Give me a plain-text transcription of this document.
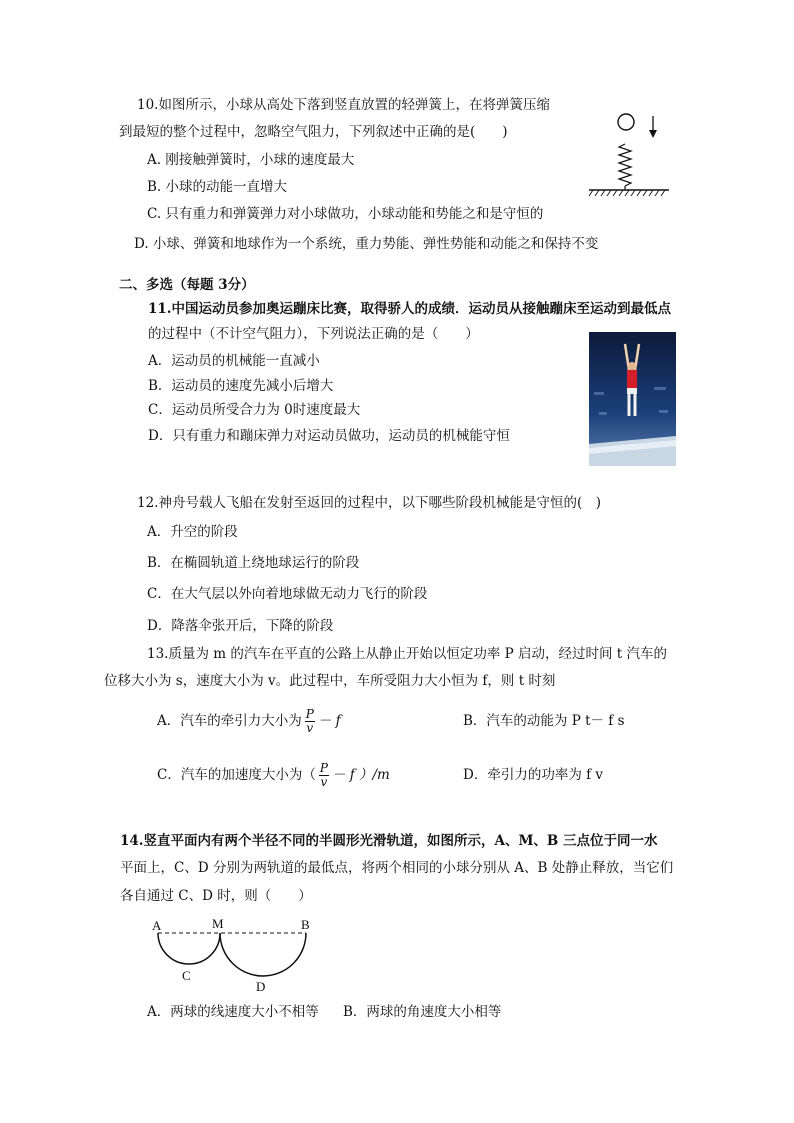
10.如图所示，小球从高处下落到竖直放置的轻弹簧上，在将弹簧压缩
到最短的整个过程中，忽略空气阻力，下列叙述中正确的是(　　)
A. 刚接触弹簧时，小球的速度最大
B. 小球的动能一直增大
C. 只有重力和弹簧弹力对小球做功，小球动能和势能之和是守恒的
D. 小球、弹簧和地球作为一个系统，重力势能、弹性势能和动能之和保持不变
二、多选（每题 3分）
11.中国运动员参加奥运蹦床比赛，取得骄人的成绩．运动员从接触蹦床至运动到最低点
的过程中（不计空气阻力），下列说法正确的是（　　）
A．运动员的机械能一直减小
B．运动员的速度先减小后增大
C．运动员所受合力为 0时速度最大
D．只有重力和蹦床弹力对运动员做功，运动员的机械能守恒
12.神舟号载人飞船在发射至返回的过程中，以下哪些阶段机械能是守恒的(　)
A．升空的阶段
B．在椭圆轨道上绕地球运行的阶段
C．在大气层以外向着地球做无动力飞行的阶段
D．降落伞张开后，下降的阶段
13.质量为 m 的汽车在平直的公路上从静止开始以恒定功率 P 启动，经过时间 t 汽车的
位移大小为 s，速度大小为 v。此过程中，车所受阻力大小恒为 f，则 t 时刻
A．汽车的牵引力大小为 $\frac{P}{v} - f$	B．汽车的动能为 P t－ f s
C．汽车的加速度大小为（ $\frac{P}{v} - f$ ）/m	D．牵引力的功率为 f v
14.竖直平面内有两个半径不同的半圆形光滑轨道，如图所示，A、M、B 三点位于同一水
平面上，C、D 分别为两轨道的最低点，将两个相同的小球分别从 A、B 处静止释放，当它们
各自通过 C、D 时，则（　　）
A	M	B
C
D
A．两球的线速度大小不相等 B．两球的角速度大小相等
